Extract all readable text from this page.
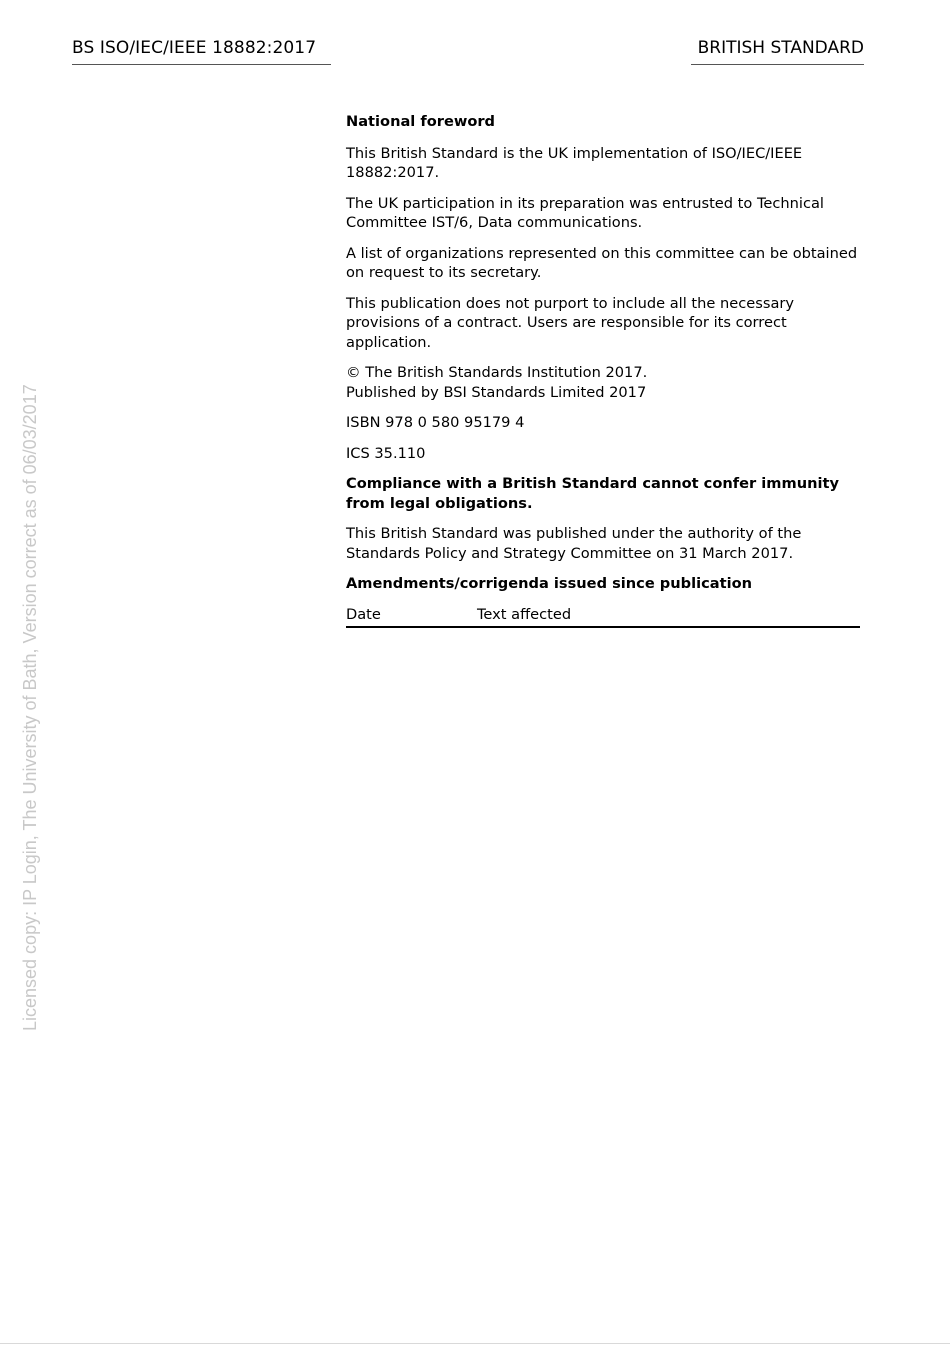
BS ISO/IEC/IEEE 18882:2017	BRITISH STANDARD
Licensed copy: IP Login, The University of Bath, Version correct as of 06/03/2017

National foreword

This British Standard is the UK implementation of ISO/IEC/IEEE 18882:2017.

The UK participation in its preparation was entrusted to Technical Committee IST/6, Data communications.

A list of organizations represented on this committee can be obtained on request to its secretary.

This publication does not purport to include all the necessary provisions of a contract. Users are responsible for its correct application.

© The British Standards Institution 2017.
Published by BSI Standards Limited 2017

ISBN 978 0 580 95179 4

ICS 35.110

Compliance with a British Standard cannot confer immunity from legal obligations.

This British Standard was published under the authority of the Standards Policy and Strategy Committee on 31 March 2017.

Amendments/corrigenda issued since publication

Date	Text affected
